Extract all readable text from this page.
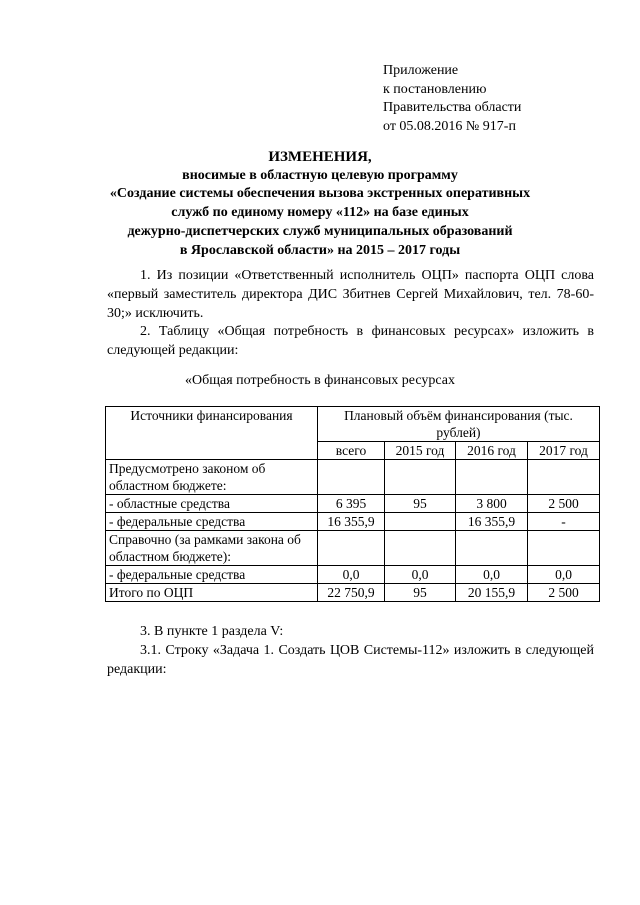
Приложение
к постановлению
Правительства области
от 05.08.2016 № 917-п
ИЗМЕНЕНИЯ,
вносимые в областную целевую программу
«Создание системы обеспечения вызова экстренных оперативных
служб по единому номеру «112» на базе единых
дежурно-диспетчерских служб муниципальных образований
в Ярославской области» на 2015 – 2017 годы

1. Из позиции «Ответственный исполнитель ОЦП» паспорта ОЦП слова «первый заместитель директора ДИС Збитнев Сергей Михайлович, тел. 78-60-30;» исключить.

2. Таблицу «Общая потребность в финансовых ресурсах» изложить в следующей редакции:

«Общая потребность в финансовых ресурсах
Источники финансирования	Плановый объём финансирования (тыс. рублей)			
	всего	2015 год	2016 год	2017 год
Предусмотрено законом об областном бюджете:				
- областные средства	6 395	95	3 800	2 500
- федеральные средства	16 355,9		16 355,9	-
Справочно (за рамками закона об областном бюджете):				
- федеральные средства	0,0	0,0	0,0	0,0
Итого по ОЦП	22 750,9	95	20 155,9	2 500

3. В пункте 1 раздела V:

3.1. Строку «Задача 1. Создать ЦОВ Системы-112» изложить в следующей редакции:
